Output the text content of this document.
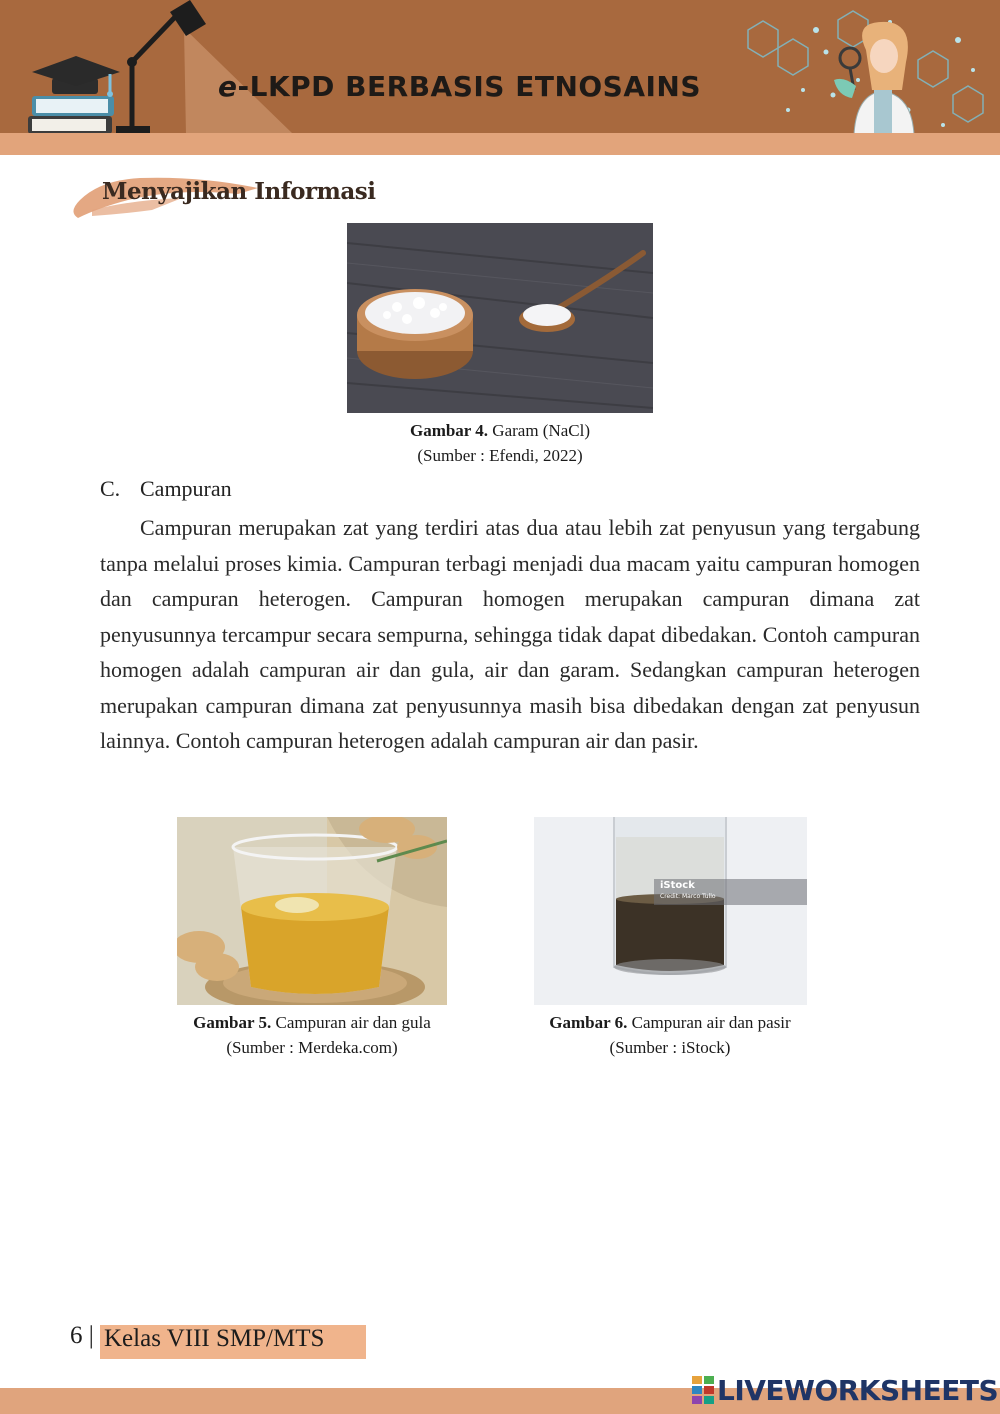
e-LKPD BERBASIS ETNOSAINS
Menyajikan Informasi
Gambar 4. Garam (NaCl)
(Sumber : Efendi, 2022)
C. Campuran
Campuran merupakan zat yang terdiri atas dua atau lebih zat penyusun yang tergabung tanpa melalui proses kimia. Campuran terbagi menjadi dua macam yaitu campuran homogen dan campuran heterogen. Campuran homogen merupakan campuran dimana zat penyusunnya tercampur secara sempurna, sehingga tidak dapat dibedakan. Contoh campuran homogen adalah campuran air dan gula, air dan garam. Sedangkan campuran heterogen merupakan campuran dimana zat penyusunnya masih bisa dibedakan dengan zat penyusun lainnya. Contoh campuran heterogen adalah campuran air dan pasir.
Gambar 5. Campuran air dan gula
(Sumber : Merdeka.com)
iStock
Credit: Marco Tullo
Gambar 6. Campuran air dan pasir
(Sumber : iStock)
6 | Kelas VIII SMP/MTS
LIVEWORKSHEETS
